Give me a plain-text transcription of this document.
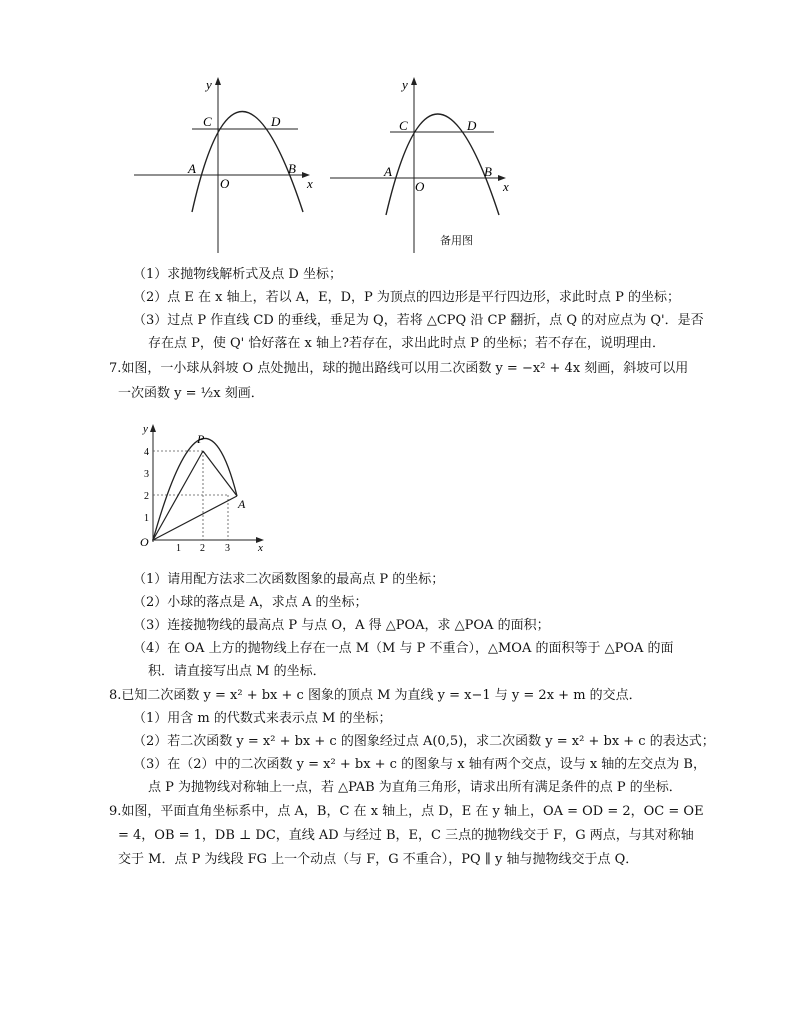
y
x
C	D
A	B
O
y
x
C	D
A	B
O
备用图
（1）求抛物线解析式及点 D 坐标；
（2）点 E 在 x 轴上，若以 A，E，D，P 为顶点的四边形是平行四边形，求此时点 P 的坐标；
（3）过点 P 作直线 CD 的垂线，垂足为 Q，若将 △CPQ 沿 CP 翻折，点 Q 的对应点为 Q'．是否
存在点 P，使 Q' 恰好落在 x 轴上?若存在，求出此时点 P 的坐标；若不存在，说明理由．
7.如图，一小球从斜坡 O 点处抛出，球的抛出路线可以用二次函数 y = −x² + 4x 刻画，斜坡可以用
一次函数 y = ½x 刻画．
y
x
P
A
O	1 2 3
1
2
3
4
（1）请用配方法求二次函数图象的最高点 P 的坐标；
（2）小球的落点是 A，求点 A 的坐标；
（3）连接抛物线的最高点 P 与点 O，A 得 △POA，求 △POA 的面积；
（4）在 OA 上方的抛物线上存在一点 M（M 与 P 不重合），△MOA 的面积等于 △POA 的面
积．请直接写出点 M 的坐标．
8.已知二次函数 y = x² + bx + c 图象的顶点 M 为直线 y = x−1 与 y = 2x + m 的交点．
（1）用含 m 的代数式来表示点 M 的坐标；
（2）若二次函数 y = x² + bx + c 的图象经过点 A(0,5)，求二次函数 y = x² + bx + c 的表达式；
（3）在（2）中的二次函数 y = x² + bx + c 的图象与 x 轴有两个交点，设与 x 轴的左交点为 B，
点 P 为抛物线对称轴上一点，若 △PAB 为直角三角形，请求出所有满足条件的点 P 的坐标．
9.如图，平面直角坐标系中，点 A，B，C 在 x 轴上，点 D，E 在 y 轴上，OA = OD = 2，OC = OE
= 4，OB = 1，DB ⊥ DC，直线 AD 与经过 B，E，C 三点的抛物线交于 F，G 两点，与其对称轴
交于 M．点 P 为线段 FG 上一个动点（与 F，G 不重合），PQ ∥ y 轴与抛物线交于点 Q．
